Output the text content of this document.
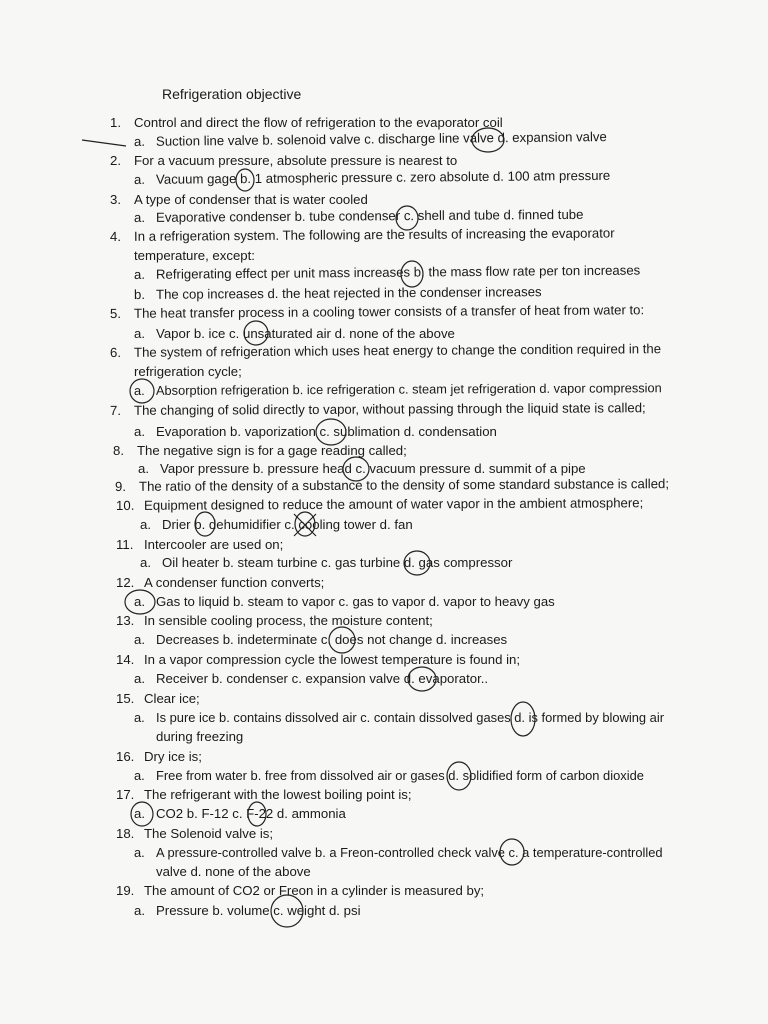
Refrigeration objective
1. Control and direct the flow of refrigeration to the evaporator coil
a. Suction line valve b. solenoid valve c. discharge line valve d. expansion valve
2. For a vacuum pressure, absolute pressure is nearest to
a. Vacuum gage b. 1 atmospheric pressure c. zero absolute d. 100 atm pressure
3. A type of condenser that is water cooled
a. Evaporative condenser b. tube condenser c. shell and tube d. finned tube
4. In a refrigeration system. The following are the results of increasing the evaporator
temperature, except:
a. Refrigerating effect per unit mass increases b. the mass flow rate per ton increases
b. The cop increases d. the heat rejected in the condenser increases
5. The heat transfer process in a cooling tower consists of a transfer of heat from water to:
a. Vapor b. ice c. unsaturated air d. none of the above
6. The system of refrigeration which uses heat energy to change the condition required in the
refrigeration cycle;
a. Absorption refrigeration b. ice refrigeration c. steam jet refrigeration d. vapor compression
7. The changing of solid directly to vapor, without passing through the liquid state is called;
a. Evaporation b. vaporization c. sublimation d. condensation
8. The negative sign is for a gage reading called;
a. Vapor pressure b. pressure head c. vacuum pressure d. summit of a pipe
9. The ratio of the density of a substance to the density of some standard substance is called;
10. Equipment designed to reduce the amount of water vapor in the ambient atmosphere;
a. Drier b. dehumidifier c. cooling tower d. fan
11. Intercooler are used on;
a. Oil heater b. steam turbine c. gas turbine d. gas compressor
12. A condenser function converts;
a. Gas to liquid b. steam to vapor c. gas to vapor d. vapor to heavy gas
13. In sensible cooling process, the moisture content;
a. Decreases b. indeterminate c. does not change d. increases
14. In a vapor compression cycle the lowest temperature is found in;
a. Receiver b. condenser c. expansion valve d. evaporator..
15. Clear ice;
a. Is pure ice b. contains dissolved air c. contain dissolved gases d. is formed by blowing air
during freezing
16. Dry ice is;
a. Free from water b. free from dissolved air or gases d. solidified form of carbon dioxide
17. The refrigerant with the lowest boiling point is;
a. CO2 b. F-12 c. F-22 d. ammonia
18. The Solenoid valve is;
a. A pressure-controlled valve b. a Freon-controlled check valve c. a temperature-controlled
valve d. none of the above
19. The amount of CO2 or Freon in a cylinder is measured by;
a. Pressure b. volume c. weight d. psi
